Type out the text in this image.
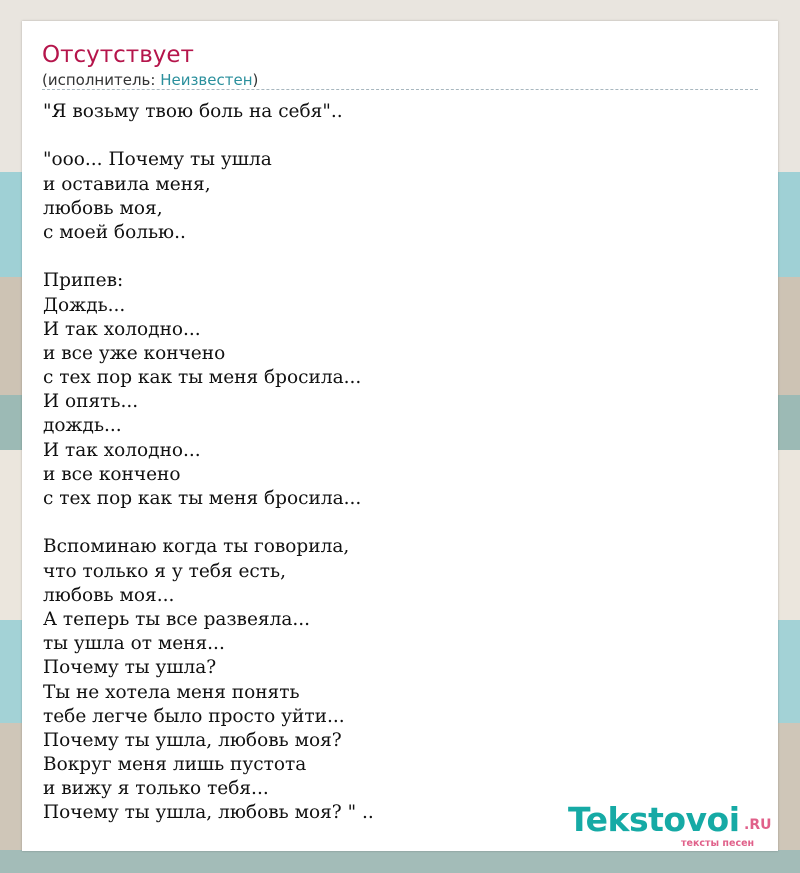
Отсутствует
(исполнитель: Неизвестен)
"Я возьму твою боль на себя"..
"ооо... Почему ты ушла
и оставила меня,
любовь моя,
с моей болью..
Припев:
Дождь...
И так холодно...
и все уже кончено
с тех пор как ты меня бросила...
И опять...
дождь...
И так холодно...
и все кончено
с тех пор как ты меня бросила...
Вспоминаю когда ты говорила,
что только я у тебя есть,
любовь моя...
А теперь ты все развеяла...
ты ушла от меня...
Почему ты ушла?
Ты не хотела меня понять
тебе легче было просто уйти...
Почему ты ушла, любовь моя?
Вокруг меня лишь пустота
и вижу я только тебя...
Почему ты ушла, любовь моя? " ..	Tekstovoi .RU
тексты песен
